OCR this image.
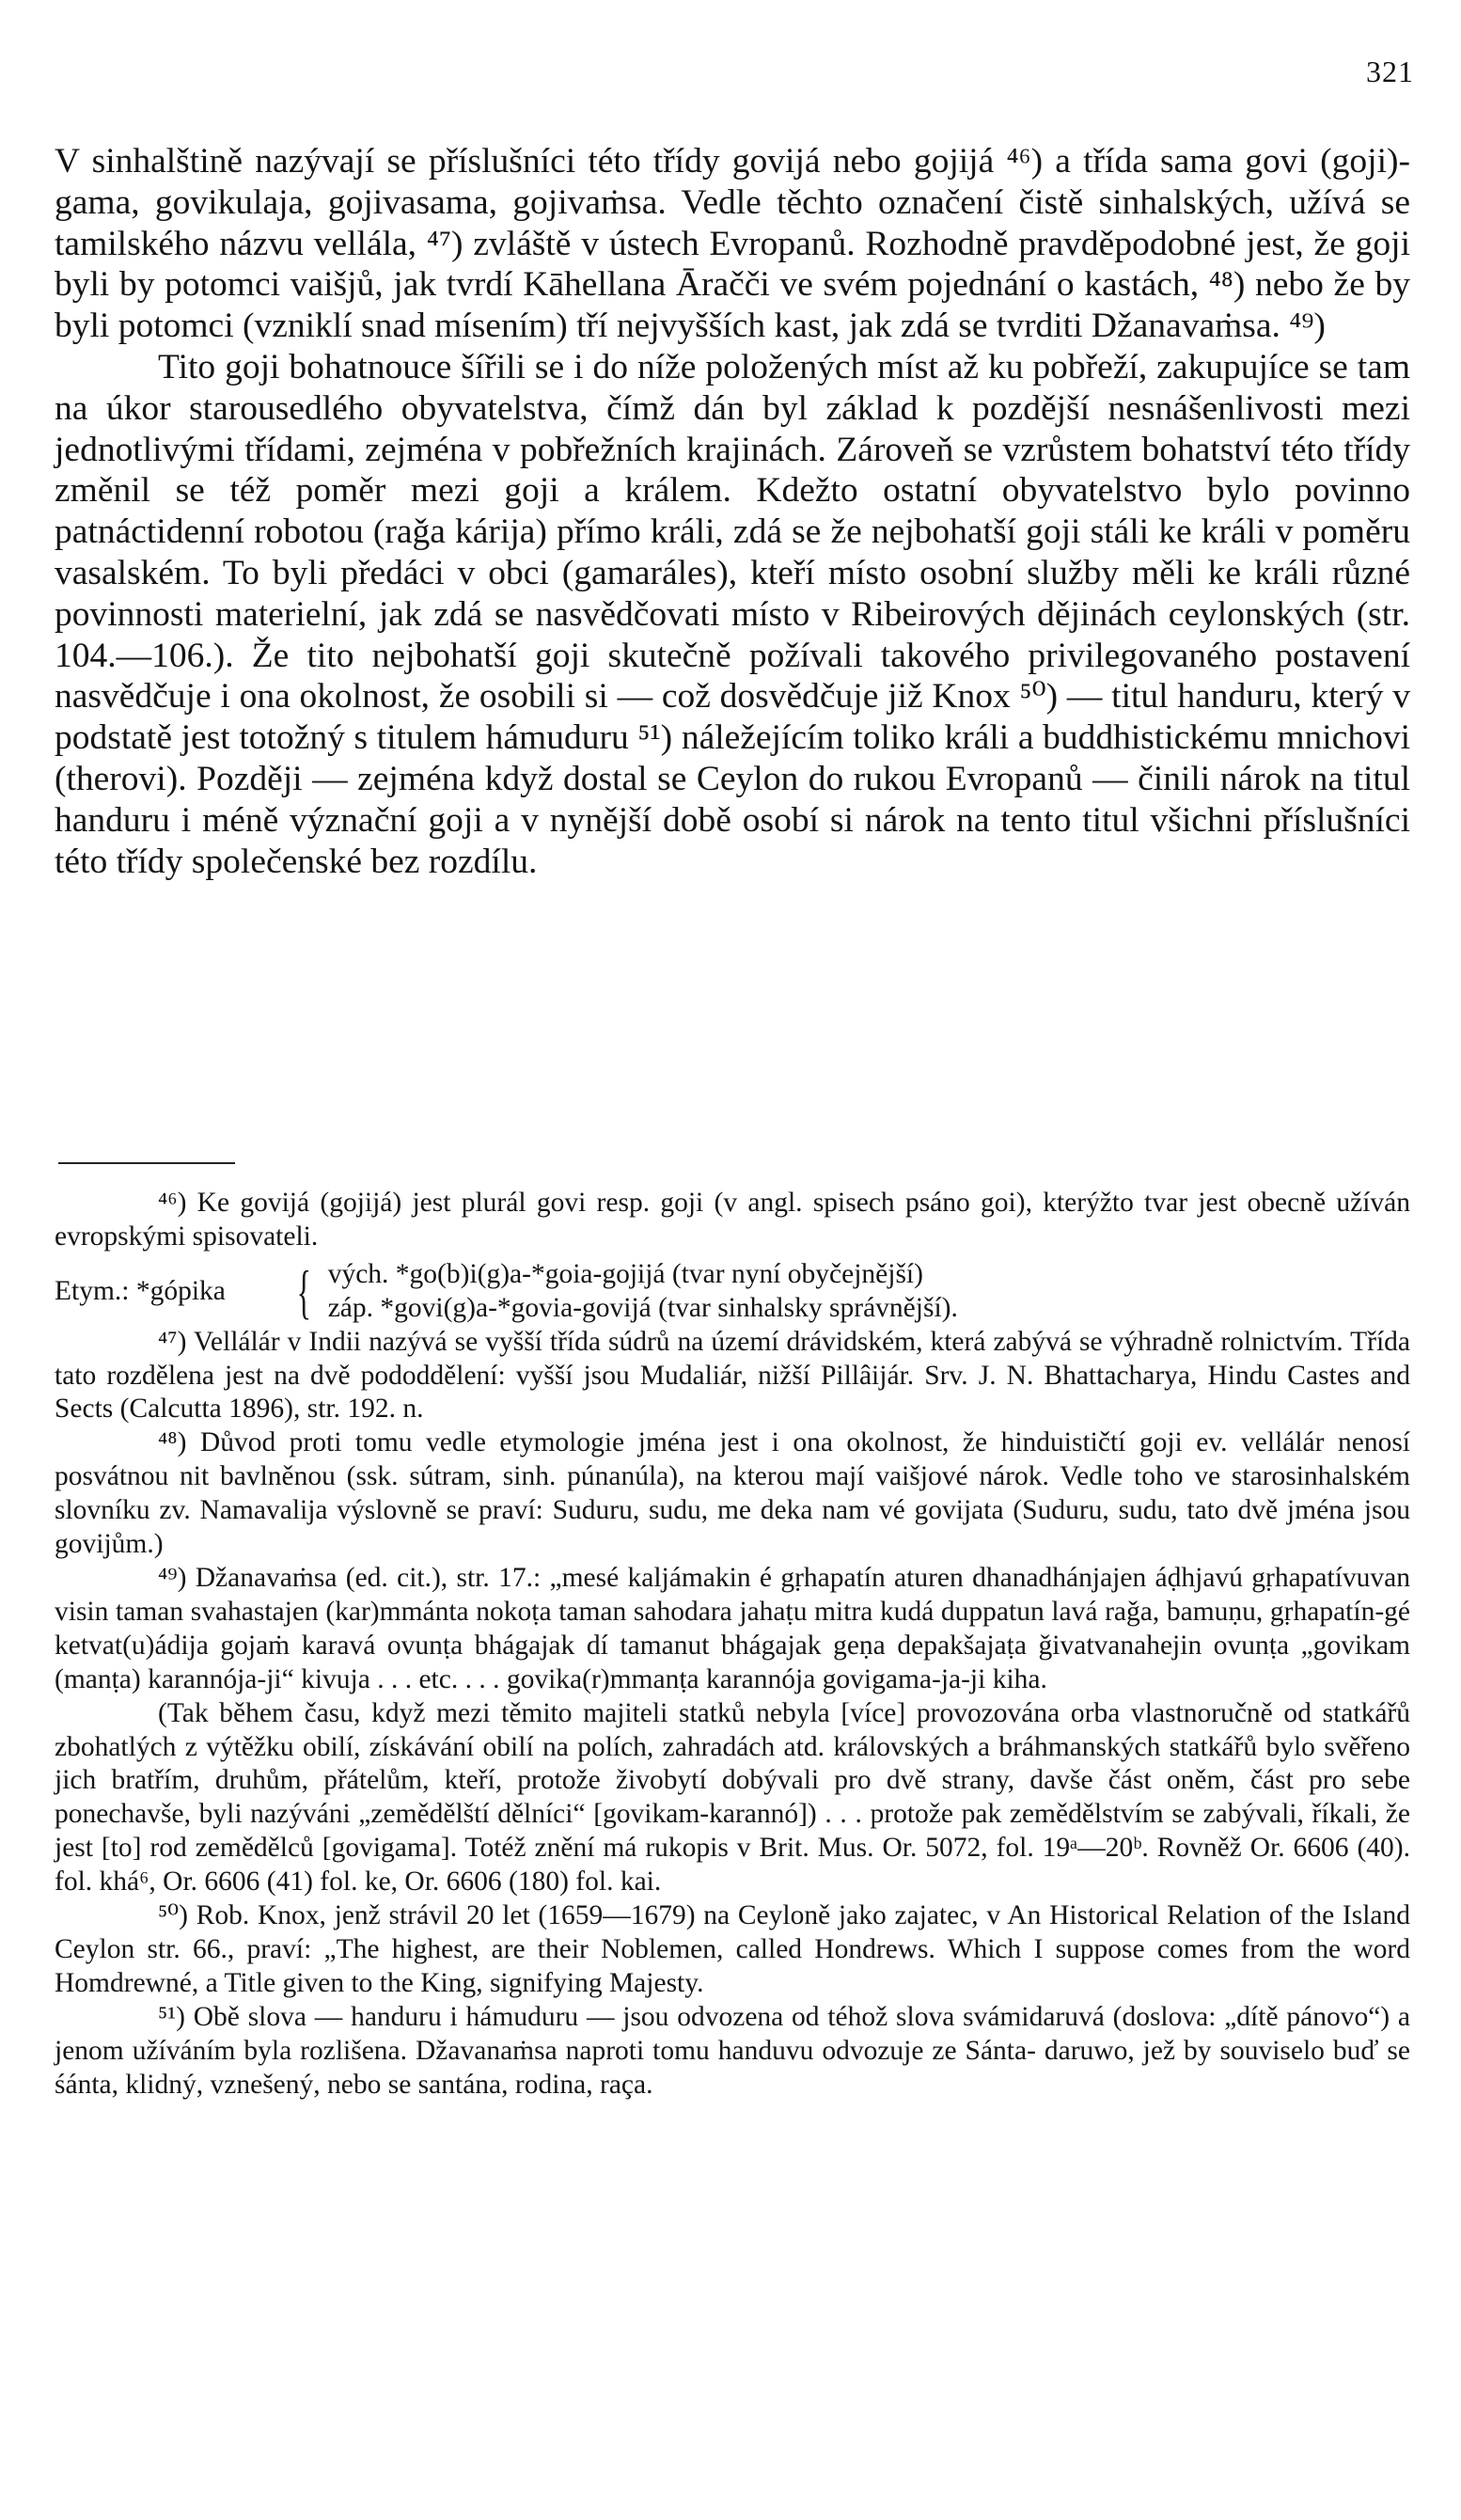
321

V sinhalštině nazývají se příslušníci této třídy govijá nebo gojijá ⁴⁶) a třída sama govi (goji)-gama, govikulaja, gojivasama, gojivaṁsa. Vedle těchto označení čistě sinhalských, užívá se tamilského názvu vellála, ⁴⁷) zvláště v ústech Evropanů. Rozhodně pravděpodobné jest, že goji byli by potomci vaišjů, jak tvrdí Kāhellana Āračči ve svém pojednání o kastách, ⁴⁸) nebo že by byli potomci (vzniklí snad mísením) tří nejvyšších kast, jak zdá se tvrditi Džanavaṁsa. ⁴⁹)

Tito goji bohatnouce šířili se i do níže položených míst až ku pobřeží, zakupujíce se tam na úkor starousedlého obyvatelstva, čímž dán byl základ k pozdější nesnášenlivosti mezi jednotlivými třídami, zejména v pobřežních krajinách. Zároveň se vzrůstem bohatství této třídy změnil se též poměr mezi goji a králem. Kdežto ostatní obyvatelstvo bylo povinno patnáctidenní robotou (raǧa kárija) přímo králi, zdá se že nejbohatší goji stáli ke králi v poměru vasalském. To byli předáci v obci (gamaráles), kteří místo osobní služby měli ke králi různé povinnosti materielní, jak zdá se nasvědčovati místo v Ribeirových dějinách ceylonských (str. 104.—106.). Že tito nejbohatší goji skutečně požívali takového privilegovaného postavení nasvědčuje i ona okolnost, že osobili si — což dosvědčuje již Knox ⁵⁰) — titul handuru, který v podstatě jest totožný s titulem hámuduru ⁵¹) náležejícím toliko králi a buddhistickému mnichovi (therovi). Později — zejména když dostal se Ceylon do rukou Evropanů — činili nárok na titul handuru i méně význační goji a v nynější době osobí si nárok na tento titul všichni příslušníci této třídy společenské bez rozdílu.

⁴⁶) Ke govijá (gojijá) jest plurál govi resp. goji (v angl. spisech psáno goi), kterýžto tvar jest obecně užíván evropskými spisovateli.

Etym.: *gópika	{ vých. *go(b)i(g)a-*goia-gojijá (tvar nyní obyčejnější)
záp. *govi(g)a-*govia-govijá (tvar sinhalsky správnější).

⁴⁷) Vellálár v Indii nazývá se vyšší třída súdrů na území drávidském, která zabývá se výhradně rolnictvím. Třída tato rozdělena jest na dvě pododdělení: vyšší jsou Mudaliár, nižší Pillâijár. Srv. J. N. Bhattacharya, Hindu Castes and Sects (Calcutta 1896), str. 192. n.

⁴⁸) Důvod proti tomu vedle etymologie jména jest i ona okolnost, že hinduističtí goji ev. vellálár nenosí posvátnou nit bavlněnou (ssk. sútram, sinh. púnanúla), na kterou mají vaišjové nárok. Vedle toho ve starosinhalském slovníku zv. Namavalija výslovně se praví: Suduru, sudu, me deka nam vé govijata (Suduru, sudu, tato dvě jména jsou govijům.)

⁴⁹) Džanavaṁsa (ed. cit.), str. 17.: „mesé kaljámakin é gṛhapatín aturen dhanadhánjajen áḍhjavú gṛhapatívuvan visin taman svahastajen (kar)mmánta nokoṭa taman sahodara jahaṭu mitra kudá duppatun lavá raǧa, bamuṇu, gṛhapatín-gé ketvat(u)ádija gojaṁ karavá ovunṭa bhágajak dí tamanut bhágajak geṇa depakšajaṭa ǧivatvanahejin ovunṭa „govikam (manṭa) karannója-ji“ kivuja . . . etc. . . . govika(r)mmanṭa karannója govigama-ja-ji kiha.

(Tak během času, když mezi těmito majiteli statků nebyla [více] provozována orba vlastnoručně od statkářů zbohatlých z výtěžku obilí, získávání obilí na polích, zahradách atd. královských a bráhmanských statkářů bylo svěřeno jich bratřím, druhům, přátelům, kteří, protože živobytí dobývali pro dvě strany, davše část oněm, část pro sebe ponechavše, byli nazýváni „zemědělští dělníci“ [govikam-karannó]) . . . protože pak zemědělstvím se zabývali, říkali, že jest [to] rod zemědělců [govigama]. Totéž znění má rukopis v Brit. Mus. Or. 5072, fol. 19ᵃ—20ᵇ. Rovněž Or. 6606 (40). fol. khá⁶, Or. 6606 (41) fol. ke, Or. 6606 (180) fol. kai.

⁵⁰) Rob. Knox, jenž strávil 20 let (1659—1679) na Ceyloně jako zajatec, v An Historical Relation of the Island Ceylon str. 66., praví: „The highest, are their Noblemen, called Hondrews. Which I suppose comes from the word Homdrewné, a Title given to the King, signifying Majesty.

⁵¹) Obě slova — handuru i hámuduru — jsou odvozena od téhož slova svámidaruvá (doslova: „dítě pánovo“) a jenom užíváním byla rozlišena. Džavanaṁsa naproti tomu handuvu odvozuje ze Sánta- daruwo, jež by souviselo buď se śánta, klidný, vznešený, nebo se santána, rodina, raça.
